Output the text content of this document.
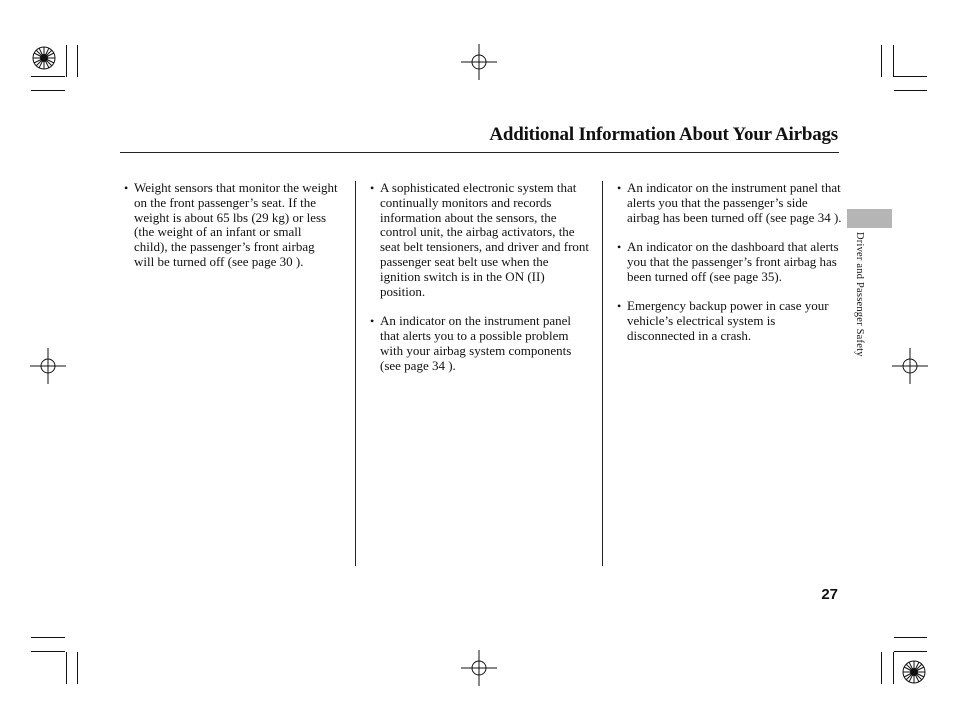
Additional Information About Your Airbags
• Weight sensors that monitor the weight on the front passenger’s seat. If the weight is about 65 lbs (29 kg) or less (the weight of an infant or small child), the passenger’s front airbag will be turned off (see page 30 ).
• A sophisticated electronic system that continually monitors and records information about the sensors, the control unit, the airbag activators, the seat belt tensioners, and driver and front passenger seat belt use when the ignition switch is in the ON (II) position.
• An indicator on the instrument panel that alerts you to a possible problem with your airbag system components (see page 34 ).
• An indicator on the instrument panel that alerts you that the passenger’s side airbag has been turned off (see page 34 ).
• An indicator on the dashboard that alerts you that the passenger’s front airbag has been turned off (see page 35).
• Emergency backup power in case your vehicle’s electrical system is disconnected in a crash.	Driver and Passenger Safety
27
